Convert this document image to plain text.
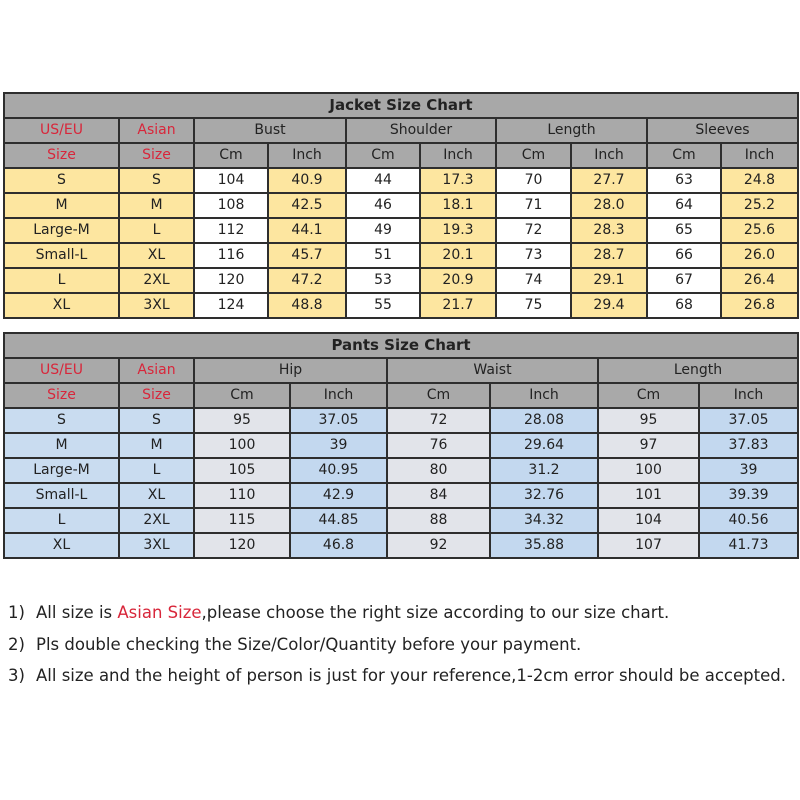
Jacket Size Chart									
US/EU	Asian	Bust		Shoulder		Length		Sleeves	
Size	Size	Cm	Inch	Cm	Inch	Cm	Inch	Cm	Inch
S	S	104	40.9	44	17.3	70	27.7	63	24.8
M	M	108	42.5	46	18.1	71	28.0	64	25.2
Large-M	L	112	44.1	49	19.3	72	28.3	65	25.6
Small-L	XL	116	45.7	51	20.1	73	28.7	66	26.0
L	2XL	120	47.2	53	20.9	74	29.1	67	26.4
XL	3XL	124	48.8	55	21.7	75	29.4	68	26.8
Pants Size Chart							
US/EU	Asian	Hip		Waist		Length	
Size	Size	Cm	Inch	Cm	Inch	Cm	Inch
S	S	95	37.05	72	28.08	95	37.05
M	M	100	39	76	29.64	97	37.83
Large-M	L	105	40.95	80	31.2	100	39
Small-L	XL	110	42.9	84	32.76	101	39.39
L	2XL	115	44.85	88	34.32	104	40.56
XL	3XL	120	46.8	92	35.88	107	41.73
1) All size is Asian Size,please choose the right size according to our size chart.
2) Pls double checking the Size/Color/Quantity before your payment.
3) All size and the height of person is just for your reference,1-2cm error should be accepted.
